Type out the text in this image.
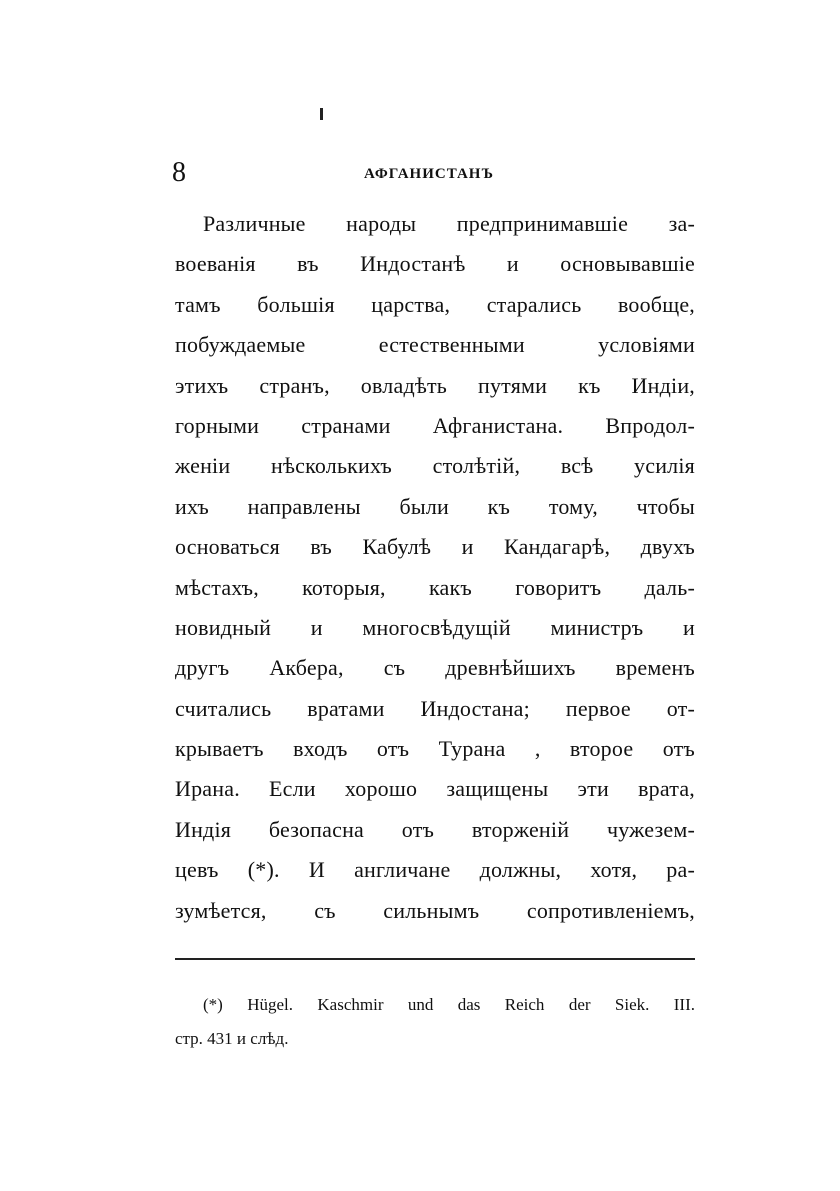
8	АФГАНИСТАНЪ
Различные народы предпринимавшіе за-
воеванія въ Индостанѣ и основывавшіе
тамъ большія царства, старались вообще,
побуждаемые естественными условіями
этихъ странъ, овладѣть путями къ Индіи,
горными странами Афганистана. Впродол-
женіи нѣсколькихъ столѣтій, всѣ усилія
ихъ направлены были къ тому, чтобы
основаться въ Кабулѣ и Кандагарѣ, двухъ
мѣстахъ, которыя, какъ говоритъ даль-
новидный и многосвѣдущій министръ и
другъ Акбера, съ древнѣйшихъ временъ
считались вратами Индостана; первое от-
крываетъ входъ отъ Турана , второе отъ
Ирана. Если хорошо защищены эти врата,
Индія безопасна отъ вторженій чужезем-
цевъ (*). И англичане должны, хотя, ра-
зумѣется, съ сильнымъ сопротивленіемъ,
(*) Hügel. Kaschmir und das Reich der Siek. III.
стр. 431 и слѣд.
